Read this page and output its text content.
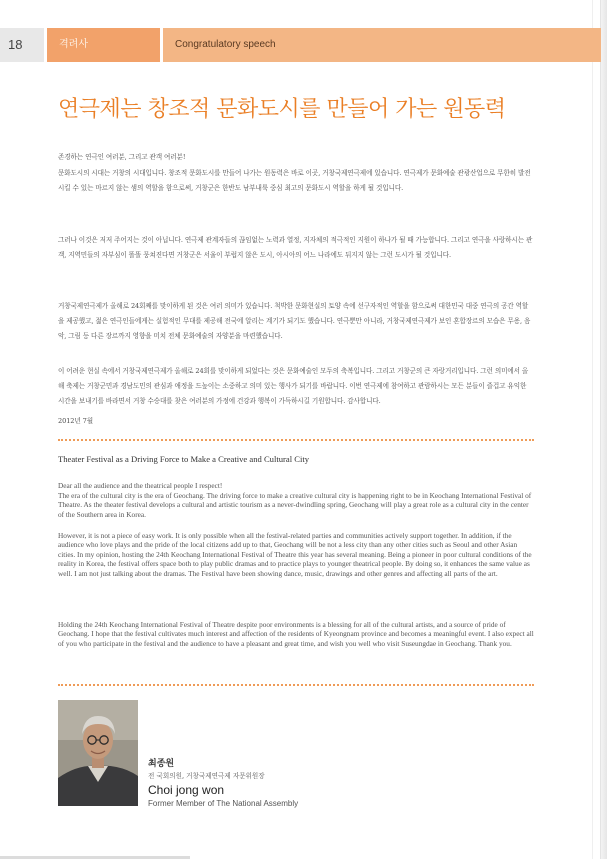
18	격려사	Congratulatory speech
연극제는 창조적 문화도시를 만들어 가는 원동력

존경하는 연극인 여러분, 그리고 관객 여러분!

문화도시의 시대는 거창의 시대입니다. 창조적 문화도시를 만들어 나가는 원동력은 바로 이곳, 거창국제연극제에 있습니다. 연극제가 문화예술 관광산업으로 무한히 발전시킬 수 있는 마르지 않는 샘의 역할을 함으로써, 거창군은 한반도 남부내륙 중심 최고의 문화도시 역할을 하게 될 것입니다.

그러나 이것은 저저 주어지는 것이 아닙니다. 연극제 관계자들의 끊임없는 노력과 열정, 지자체의 적극적인 지원이 하나가 될 때 가능합니다. 그리고 연극을 사랑하시는 관객, 지역민들의 자부심이 똘똘 뭉쳐진다면 거창군은 서울이 부럽지 않은 도시, 아시아의 어느 나라에도 뒤지지 않는 그런 도시가 될 것입니다.

거창국제연극제가 올해로 24회째를 맞이하게 된 것은 여러 의미가 있습니다. 척박한 문화현실의 토양 속에 선구자적인 역할을 함으로써 대한민국 대중 연극의 공간 역할을 제공했고, 젊은 연극인들에게는 실험적인 무대를 제공해 전국에 알리는 계기가 되기도 했습니다. 연극뿐만 아니라, 거창국제연극제가 보인 혼합장르의 모습은 무용, 음악, 그림 등 다른 장르까지 영향을 미치 전체 문화예술의 자양분을 마련했습니다.

이 어려운 현실 속에서 거창국제연극제가 올해로 24회를 맞이하게 되었다는 것은 문화예술인 모두의 축복입니다. 그리고 거창군의 큰 자랑거리입니다. 그런 의미에서 올해 축제는 거창군민과 경남도민의 관심과 애정을 드높이는 소중하고 의미 있는 행사가 되기를 바랍니다. 이번 연극제에 참여하고 관람하시는 모든 분들이 즐겁고 유익한 시간을 보내기를 바라면서 거창 수승대를 찾은 여러분의 가정에 건강과 행복이 가득하시길 기원합니다. 감사합니다.

2012년 7월

Theater Festival as a Driving Force to Make a Creative and Cultural City

Dear all the audience and the theatrical people I respect!
The era of the cultural city is the era of Geochang. The driving force to make a creative cultural city is happening right to be in Keochang International Festival of Theatre. As the theater festival develops a cultural and artistic tourism as a never-dwindling spring, Geochang will play a great role as a cultural city in the center of the Southern area in Korea.

However, it is not a piece of easy work. It is only possible when all the festival-related parties and communities actively support together. In addition, if the audience who love plays and the pride of the local citizens add up to that, Geochang will be not a less city than any other cities such as Seoul and other Asian cities. In my opinion, hosting the 24th Keochang International Festival of Theatre this year has several meaning. Being a pioneer in poor cultural conditions of the reality in Korea, the festival offers space both to play public dramas and to practice plays to younger theatrical people. By doing so, it enhances the same value as well. I am not just talking about the dramas. The Festival have been showing dance, music, drawings and other genres and affecting all parts of the art.

Holding the 24th Keochang International Festival of Theatre despite poor environments is a blessing for all of the cultural artists, and a source of pride of Geochang. I hope that the festival cultivates much interest and affection of the residents of Kyeongnam province and becomes a meaningful event. I also expect all of you who participate in the festival and the audience to have a pleasant and great time, and wish you well who visit Suseungdae in Geochang. Thank you.

최종원
전 국회의원, 거창국제연극제 자문위원장
Choi jong won
Former Member of The National Assembly
